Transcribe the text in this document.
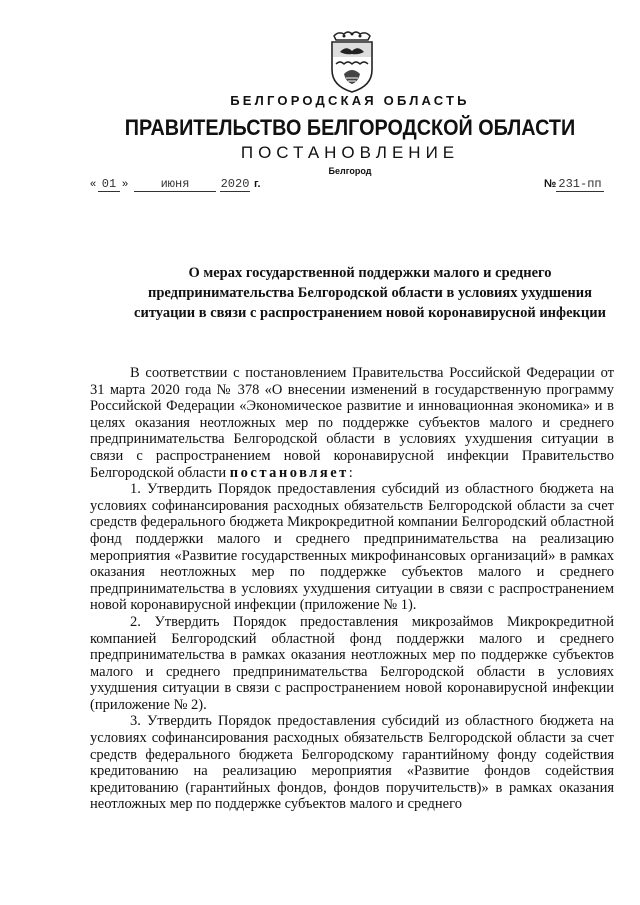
БЕЛГОРОДСКАЯ ОБЛАСТЬ
ПРАВИТЕЛЬСТВО БЕЛГОРОДСКОЙ ОБЛАСТИ
ПОСТАНОВЛЕНИЕ
Белгород
« 01 »	июня	2020 г.	№ 231-пп
О мерах государственной поддержки малого и среднего
предпринимательства Белгородской области в условиях ухудшения
ситуации в связи с распространением новой коронавирусной инфекции

В соответствии с постановлением Правительства Российской Федерации от 31 марта 2020 года № 378 «О внесении изменений в государственную программу Российской Федерации «Экономическое развитие и инновационная экономика» и в целях оказания неотложных мер по поддержке субъектов малого и среднего предпринимательства Белгородской области в условиях ухудшения ситуации в связи с распространением новой коронавирусной инфекции Правительство Белгородской области постановляет:

1. Утвердить Порядок предоставления субсидий из областного бюджета на условиях софинансирования расходных обязательств Белгородской области за счет средств федерального бюджета Микрокредитной компании Белгородский областной фонд поддержки малого и среднего предпринимательства на реализацию мероприятия «Развитие государственных микрофинансовых организаций» в рамках оказания неотложных мер по поддержке субъектов малого и среднего предпринимательства в условиях ухудшения ситуации в связи с распространением новой коронавирусной инфекции (приложение № 1).

2. Утвердить Порядок предоставления микрозаймов Микрокредитной компанией Белгородский областной фонд поддержки малого и среднего предпринимательства в рамках оказания неотложных мер по поддержке субъектов малого и среднего предпринимательства Белгородской области в условиях ухудшения ситуации в связи с распространением новой коронавирусной инфекции (приложение № 2).

3. Утвердить Порядок предоставления субсидий из областного бюджета на условиях софинансирования расходных обязательств Белгородской области за счет средств федерального бюджета Белгородскому гарантийному фонду содействия кредитованию на реализацию мероприятия «Развитие фондов содействия кредитованию (гарантийных фондов, фондов поручительств)» в рамках оказания неотложных мер по поддержке субъектов малого и среднего
